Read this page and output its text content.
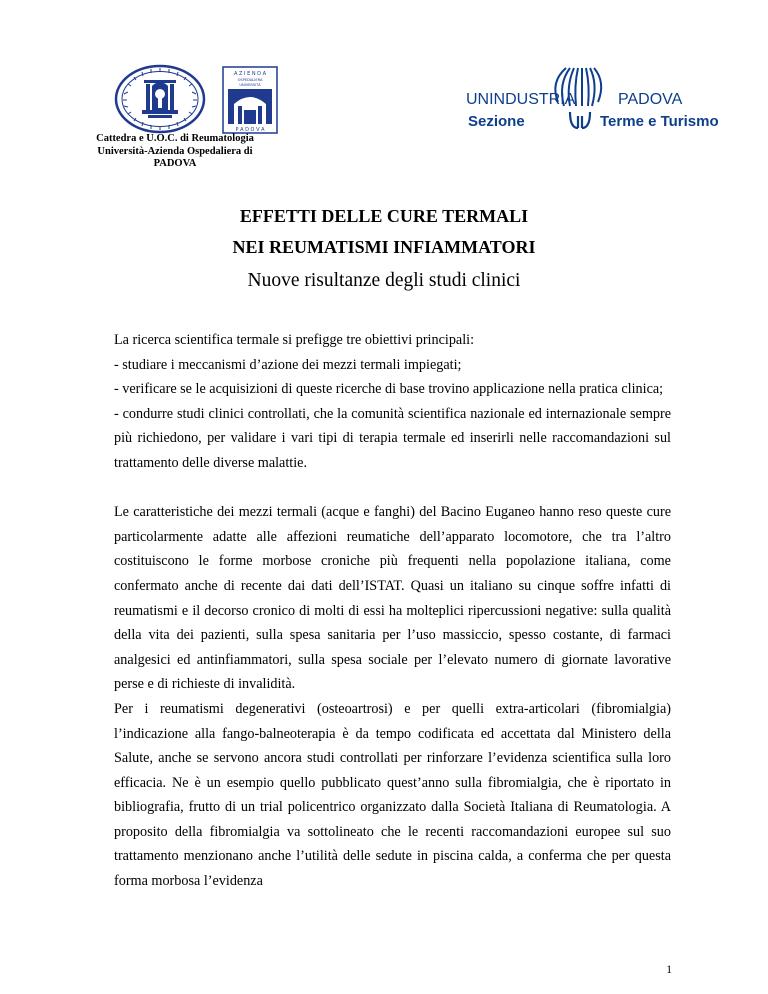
A Z I E N D A
OSPEDALIERA
UNIVERSITÀ
P A D O V A
UNINDUSTRIA	PADOVA
Sezione	Terme e Turismo
Cattedra e U.O.C. di Reumatologia
Università-Azienda Ospedaliera di
PADOVA
EFFETTI DELLE CURE TERMALI
NEI REUMATISMI INFIAMMATORI
Nuove risultanze degli studi clinici

La ricerca scientifica termale si prefigge tre obiettivi principali:

- studiare i meccanismi d’azione dei mezzi termali impiegati;

- verificare se le acquisizioni di queste ricerche di base trovino applicazione nella pratica clinica;

- condurre studi clinici controllati, che la comunità scientifica nazionale ed internazionale sempre più richiedono, per validare i vari tipi di terapia termale ed inserirli nelle raccomandazioni sul trattamento delle diverse malattie.

Le caratteristiche dei mezzi termali (acque e fanghi) del Bacino Euganeo hanno reso queste cure particolarmente adatte alle affezioni reumatiche dell’apparato locomotore, che tra l’altro costituiscono le forme morbose croniche più frequenti nella popolazione italiana, come confermato anche di recente dai dati dell’ISTAT. Quasi un italiano su cinque soffre infatti di reumatismi e il decorso cronico di molti di essi ha molteplici ripercussioni negative: sulla qualità della vita dei pazienti, sulla spesa sanitaria per l’uso massiccio, spesso costante, di farmaci analgesici ed antinfiammatori, sulla spesa sociale per l’elevato numero di giornate lavorative perse e di richieste di invalidità.

Per i reumatismi degenerativi (osteoartrosi) e per quelli extra-articolari (fibromialgia) l’indicazione alla fango-balneoterapia è da tempo codificata ed accettata dal Ministero della Salute, anche se servono ancora studi controllati per rinforzare l’evidenza scientifica sulla loro efficacia. Ne è un esempio quello pubblicato quest’anno sulla fibromialgia, che è riportato in bibliografia, frutto di un trial policentrico organizzato dalla Società Italiana di Reumatologia. A proposito della fibromialgia va sottolineato che le recenti raccomandazioni europee sul suo trattamento menzionano anche l’utilità delle sedute in piscina calda, a conferma che per questa forma morbosa l’evidenza

1
